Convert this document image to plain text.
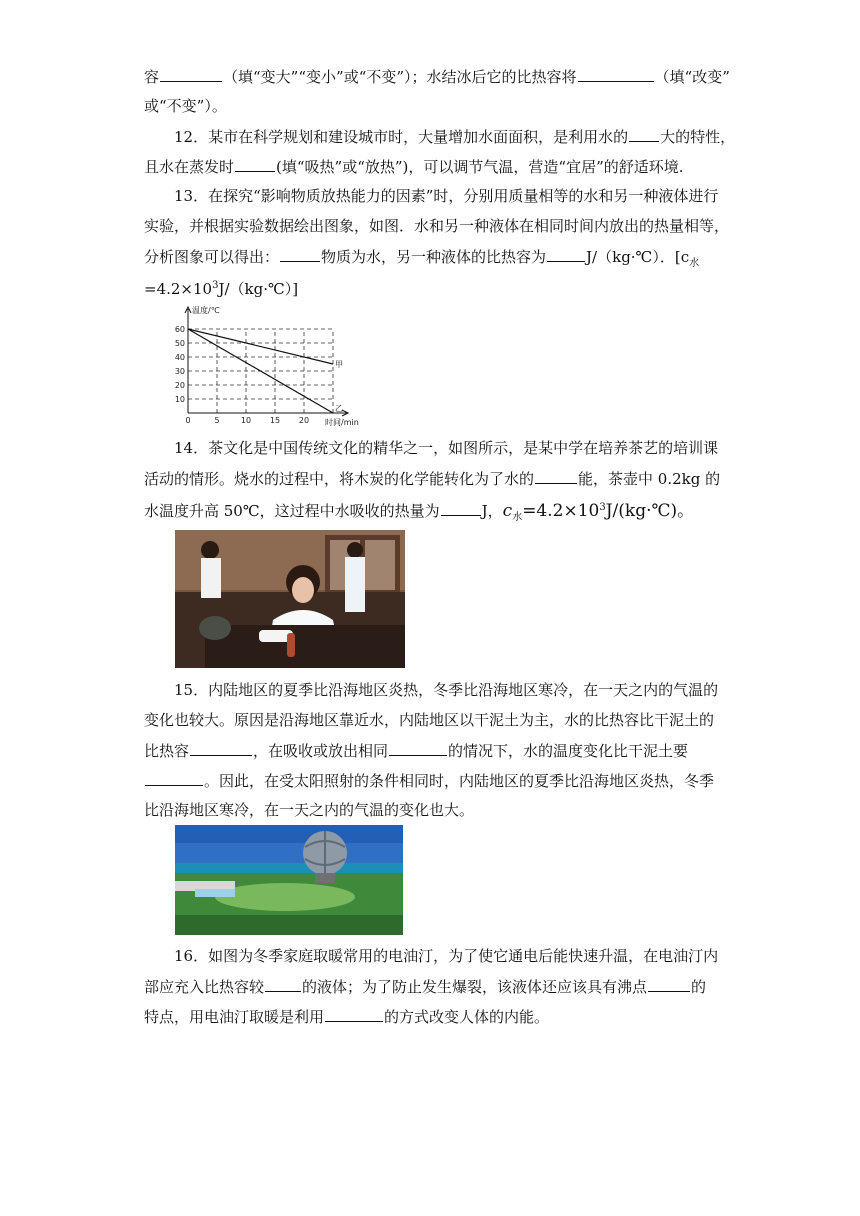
容	（填“变大”“变小”或“不变”）；水结冰后它的比热容将	（填“改变”
或“不变”）。
12．某市在科学规划和建设城市时，大量增加水面面积，是利用水的 大的特性，
且水在蒸发时	(填“吸热”或“放热”)，可以调节气温，营造“宜居”的舒适环境.
13．在探究“影响物质放热能力的因素”时，分别用质量相等的水和另一种液体进行
实验，并根据实验数据绘出图象，如图．水和另一种液体在相同时间内放出的热量相等，
分析图象可以得出：	物质为水，另一种液体的比热容为	J/（kg·℃）．[$c_水$
$=4.2\times 10^3J/(kg\cdot℃)$]
10
20
30
40
50
60
0	5	10 15 20
温度/℃
时间/min
甲
乙
14．茶文化是中国传统文化的精华之一，如图所示，是某中学在培养茶艺的培训课
活动的情形。烧水的过程中，将木炭的化学能转化为了水的	能，茶壶中 0.2kg 的
水温度升高 50℃，这过程中水吸收的热量为	J，$c_水=4.2\times 10^3J/(kg\cdot℃)$。
15．内陆地区的夏季比沿海地区炎热，冬季比沿海地区寒冷，在一天之内的气温的
变化也较大。原因是沿海地区靠近水，内陆地区以干泥土为主，水的比热容比干泥土的
比热容	，在吸收或放出相同	的情况下，水的温度变化比干泥土要
。因此，在受太阳照射的条件相同时，内陆地区的夏季比沿海地区炎热，冬季
比沿海地区寒冷，在一天之内的气温的变化也大。
16．如图为冬季家庭取暖常用的电油汀，为了使它通电后能快速升温，在电油汀内
部应充入比热容较	的液体；为了防止发生爆裂，该液体还应该具有沸点	的
特点，用电油汀取暖是利用	的方式改变人体的内能。
